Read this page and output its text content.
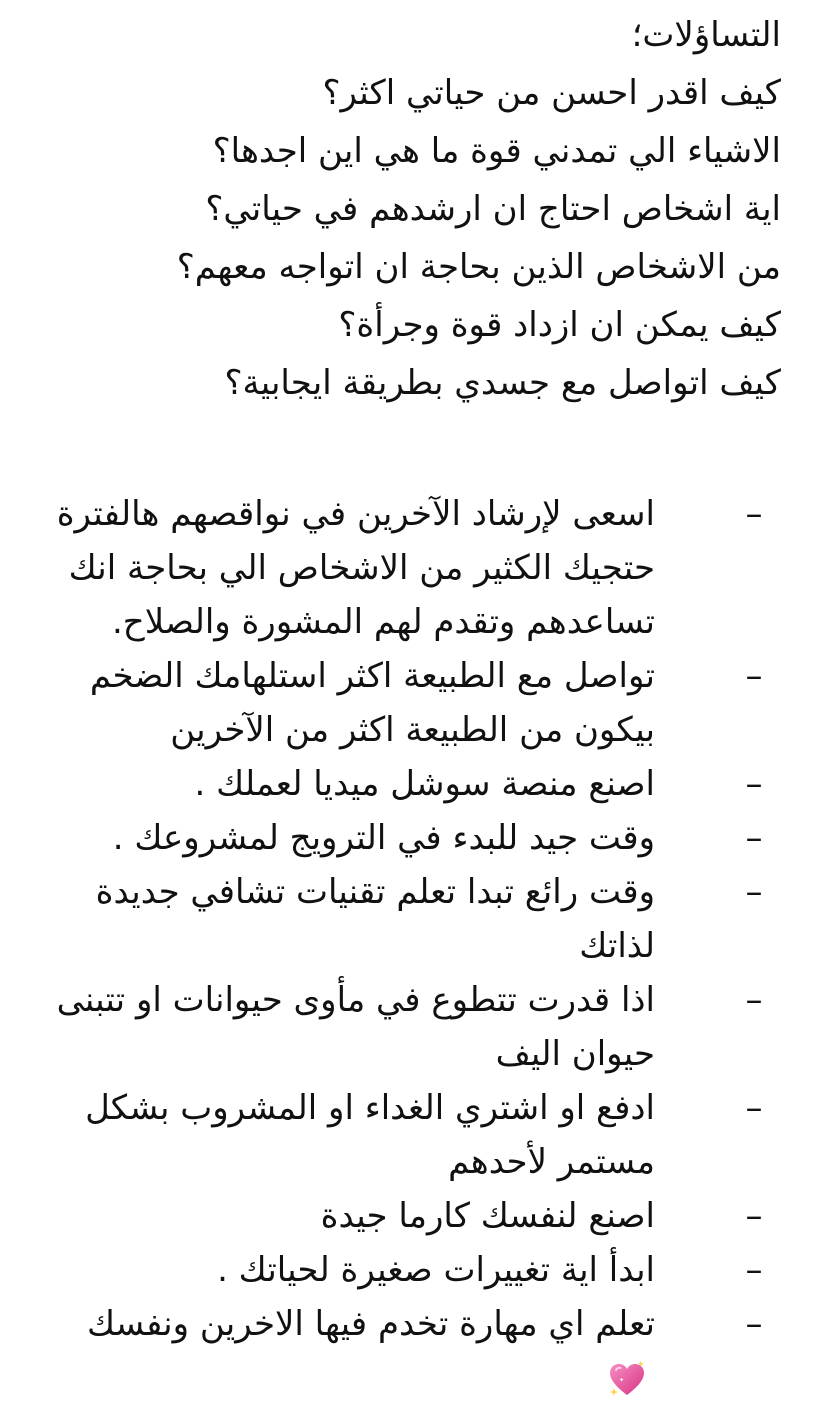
التساؤلات؛
كيف اقدر احسن من حياتي اكثر؟
الاشياء الي تمدني قوة ما هي اين اجدها؟
اية اشخاص احتاج ان ارشدهم في حياتي؟
من الاشخاص الذين بحاجة ان اتواجه معهم؟
كيف يمكن ان ازداد قوة وجرأة؟
كيف اتواصل مع جسدي بطريقة ايجابية؟
–
اسعى لإرشاد الآخرين في نواقصهم هالفترة حتجيك الكثير من الاشخاص الي بحاجة انك تساعدهم وتقدم لهم المشورة والصلاح.
–
تواصل مع الطبيعة اكثر استلهامك الضخم بيكون من الطبيعة اكثر من الآخرين
–
اصنع منصة سوشل ميديا لعملك .
–
وقت جيد للبدء في الترويج لمشروعك .
–
وقت رائع تبدا تعلم تقنيات تشافي جديدة لذاتك
–
اذا قدرت تتطوع في مأوى حيوانات او تتبنى حيوان اليف
–
ادفع او اشتري الغداء او المشروب بشكل مستمر لأحدهم
–
اصنع لنفسك كارما جيدة
–
ابدأ اية تغييرات صغيرة لحياتك .
–
تعلم اي مهارة تخدم فيها الاخرين ونفسك
